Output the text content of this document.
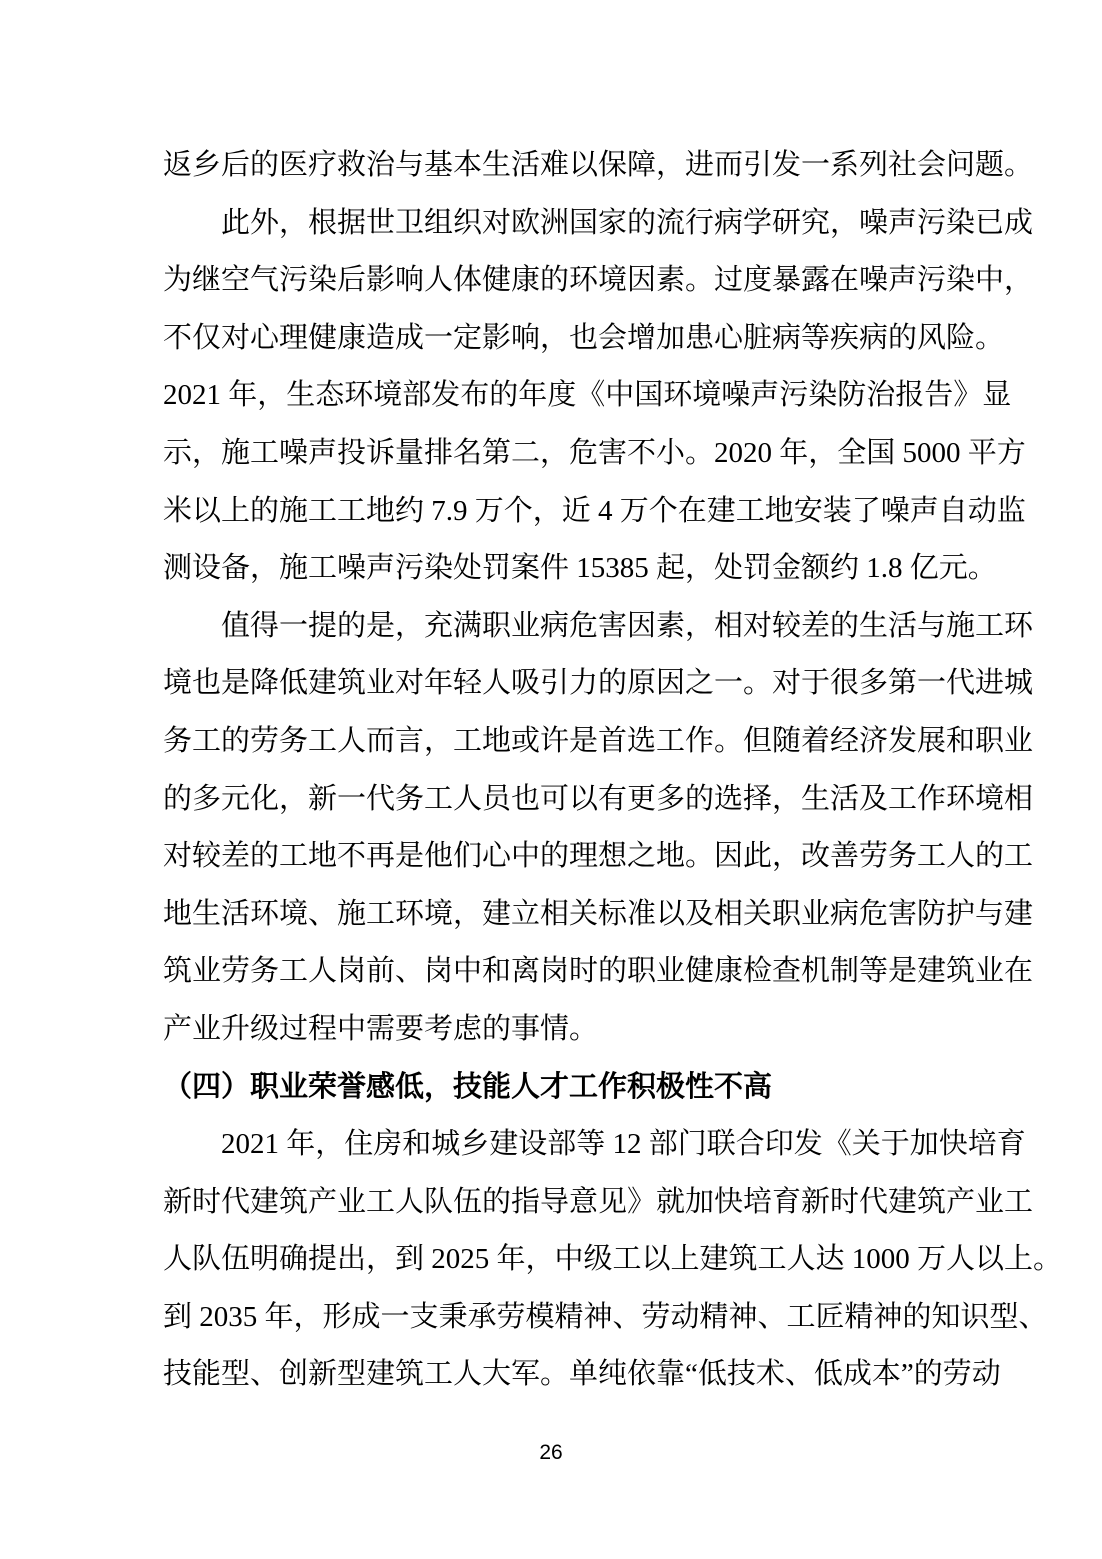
返乡后的医疗救治与基本生活难以保障，进而引发一系列社会问题。
此外，根据世卫组织对欧洲国家的流行病学研究，噪声污染已成
为继空气污染后影响人体健康的环境因素。过度暴露在噪声污染中，
不仅对心理健康造成一定影响，也会增加患心脏病等疾病的风险。
2021 年，生态环境部发布的年度《中国环境噪声污染防治报告》显
示，施工噪声投诉量排名第二，危害不小。2020 年，全国 5000 平方
米以上的施工工地约 7.9 万个，近 4 万个在建工地安装了噪声自动监
测设备，施工噪声污染处罚案件 15385 起，处罚金额约 1.8 亿元。
值得一提的是，充满职业病危害因素，相对较差的生活与施工环
境也是降低建筑业对年轻人吸引力的原因之一。对于很多第一代进城
务工的劳务工人而言，工地或许是首选工作。但随着经济发展和职业
的多元化，新一代务工人员也可以有更多的选择，生活及工作环境相
对较差的工地不再是他们心中的理想之地。因此，改善劳务工人的工
地生活环境、施工环境，建立相关标准以及相关职业病危害防护与建
筑业劳务工人岗前、岗中和离岗时的职业健康检查机制等是建筑业在
产业升级过程中需要考虑的事情。
（四）职业荣誉感低，技能人才工作积极性不高
2021 年，住房和城乡建设部等 12 部门联合印发《关于加快培育
新时代建筑产业工人队伍的指导意见》就加快培育新时代建筑产业工
人队伍明确提出，到 2025 年，中级工以上建筑工人达 1000 万人以上。
到 2035 年，形成一支秉承劳模精神、劳动精神、工匠精神的知识型、
技能型、创新型建筑工人大军。单纯依靠“低技术、低成本”的劳动
26
